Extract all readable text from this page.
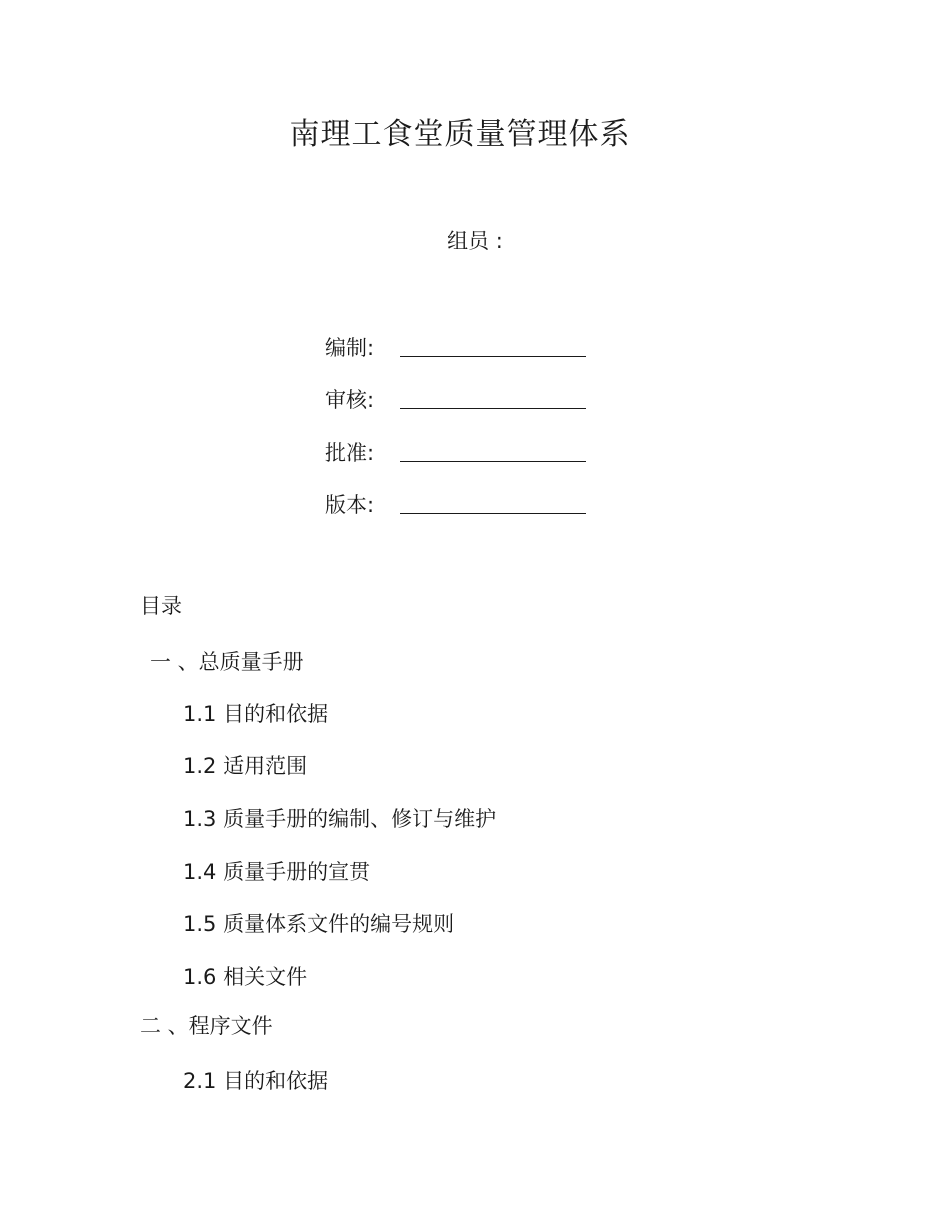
南理工食堂质量管理体系
组员 :
编制:
审核:
批准:
版本:
目录
一 、总质量手册
1.1 目的和依据
1.2 适用范围
1.3 质量手册的编制、修订与维护
1.4 质量手册的宣贯
1.5 质量体系文件的编号规则
1.6 相关文件
二 、程序文件
2.1 目的和依据
